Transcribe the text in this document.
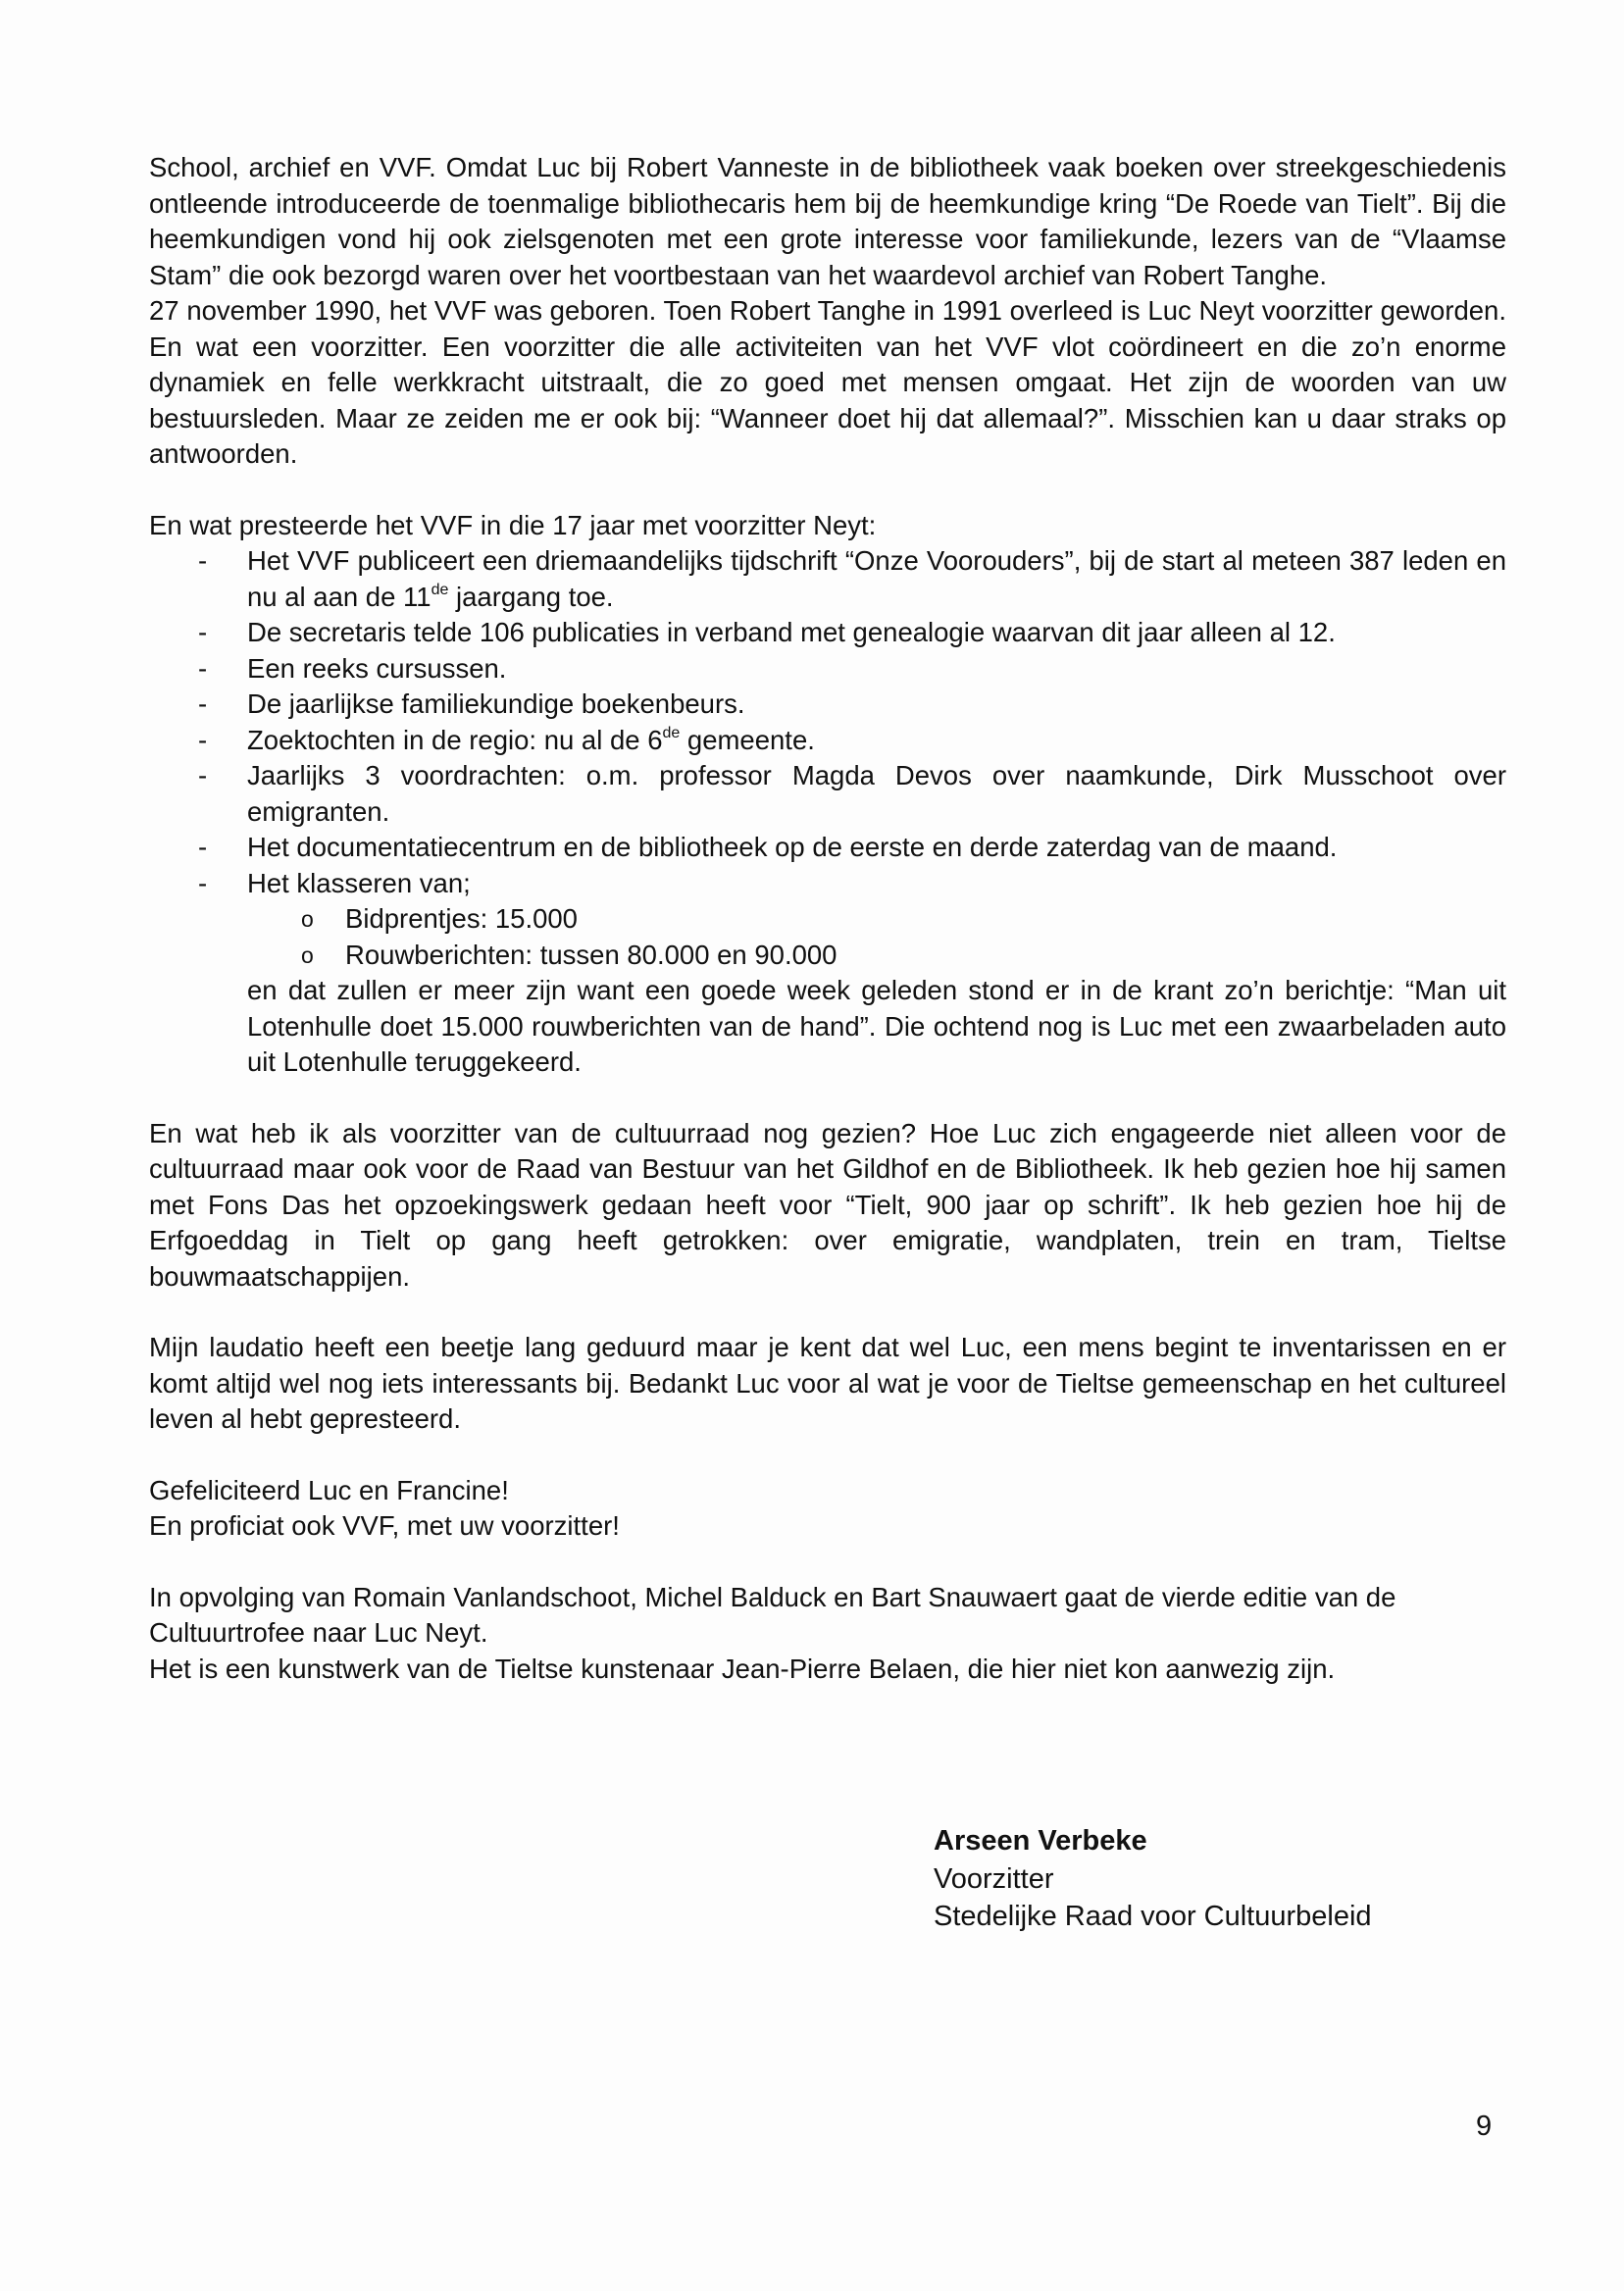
School, archief en VVF. Omdat Luc bij Robert Vanneste in de bibliotheek vaak boeken over streekgeschiedenis ontleende introduceerde de toenmalige bibliothecaris hem bij de heemkundige kring “De Roede van Tielt”. Bij die heemkundigen vond hij ook zielsgenoten met een grote interesse voor familiekunde, lezers van de “Vlaamse Stam” die ook bezorgd waren over het voortbestaan van het waardevol archief van Robert Tanghe.

27 november 1990, het VVF was geboren. Toen Robert Tanghe in 1991 overleed is Luc Neyt voorzitter geworden. En wat een voorzitter. Een voorzitter die alle activiteiten van het VVF vlot coördineert en die zo’n enorme dynamiek en felle werkkracht uitstraalt, die zo goed met mensen omgaat. Het zijn de woorden van uw bestuursleden. Maar ze zeiden me er ook bij: “Wanneer doet hij dat allemaal?”. Misschien kan u daar straks op antwoorden.

En wat presteerde het VVF in die 17 jaar met voorzitter Neyt:

- Het VVF publiceert een driemaandelijks tijdschrift “Onze Voorouders”, bij de start al meteen 387 leden en nu al aan de 11de jaargang toe.
- De secretaris telde 106 publicaties in verband met genealogie waarvan dit jaar alleen al 12.
- Een reeks cursussen.
- De jaarlijkse familiekundige boekenbeurs.
- Zoektochten in de regio: nu al de 6de gemeente.
- Jaarlijks 3 voordrachten: o.m. professor Magda Devos over naamkunde, Dirk Musschoot over emigranten.
- Het documentatiecentrum en de bibliotheek op de eerste en derde zaterdag van de maand.
- Het klasseren van;
o Bidprentjes: 15.000
o Rouwberichten: tussen 80.000 en 90.000

en dat zullen er meer zijn want een goede week geleden stond er in de krant zo’n berichtje: “Man uit Lotenhulle doet 15.000 rouwberichten van de hand”. Die ochtend nog is Luc met een zwaarbeladen auto uit Lotenhulle teruggekeerd.

En wat heb ik als voorzitter van de cultuurraad nog gezien? Hoe Luc zich engageerde niet alleen voor de cultuurraad maar ook voor de Raad van Bestuur van het Gildhof en de Bibliotheek. Ik heb gezien hoe hij samen met Fons Das het opzoekingswerk gedaan heeft voor “Tielt, 900 jaar op schrift”. Ik heb gezien hoe hij de Erfgoeddag in Tielt op gang heeft getrokken: over emigratie, wandplaten, trein en tram, Tieltse bouwmaatschappijen.

Mijn laudatio heeft een beetje lang geduurd maar je kent dat wel Luc, een mens begint te inventarissen en er komt altijd wel nog iets interessants bij. Bedankt Luc voor al wat je voor de Tieltse gemeenschap en het cultureel leven al hebt gepresteerd.

Gefeliciteerd Luc en Francine!

En proficiat ook VVF, met uw voorzitter!

In opvolging van Romain Vanlandschoot, Michel Balduck en Bart Snauwaert gaat de vierde editie van de Cultuurtrofee naar Luc Neyt.

Het is een kunstwerk van de Tieltse kunstenaar Jean-Pierre Belaen, die hier niet kon aanwezig zijn.

Arseen Verbeke
Voorzitter
Stedelijke Raad voor Cultuurbeleid
9
